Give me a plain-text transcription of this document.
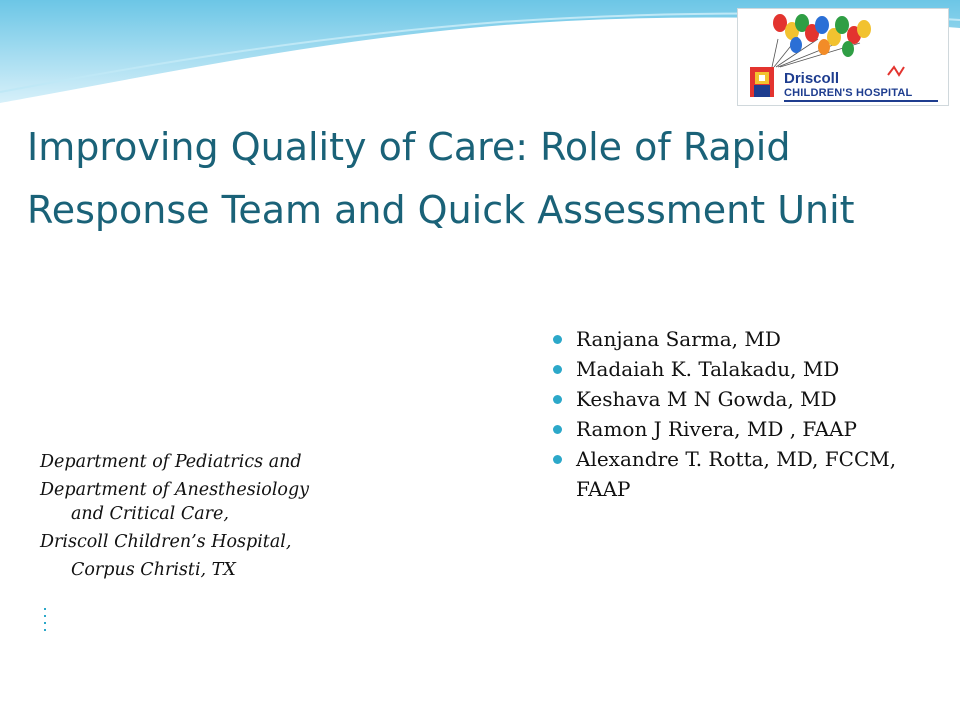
Driscoll
CHILDREN'S HOSPITAL
Improving Quality of Care: Role of Rapid Response Team and Quick Assessment Unit
Ranjana Sarma, MD
Madaiah K. Talakadu, MD
Keshava M N Gowda, MD
Ramon J Rivera, MD , FAAP
Alexandre T. Rotta, MD, FCCM, FAAP

Department of Pediatrics and

Department of Anesthesiology

and Critical Care,

Driscoll Children’s Hospital,

Corpus Christi, TX
